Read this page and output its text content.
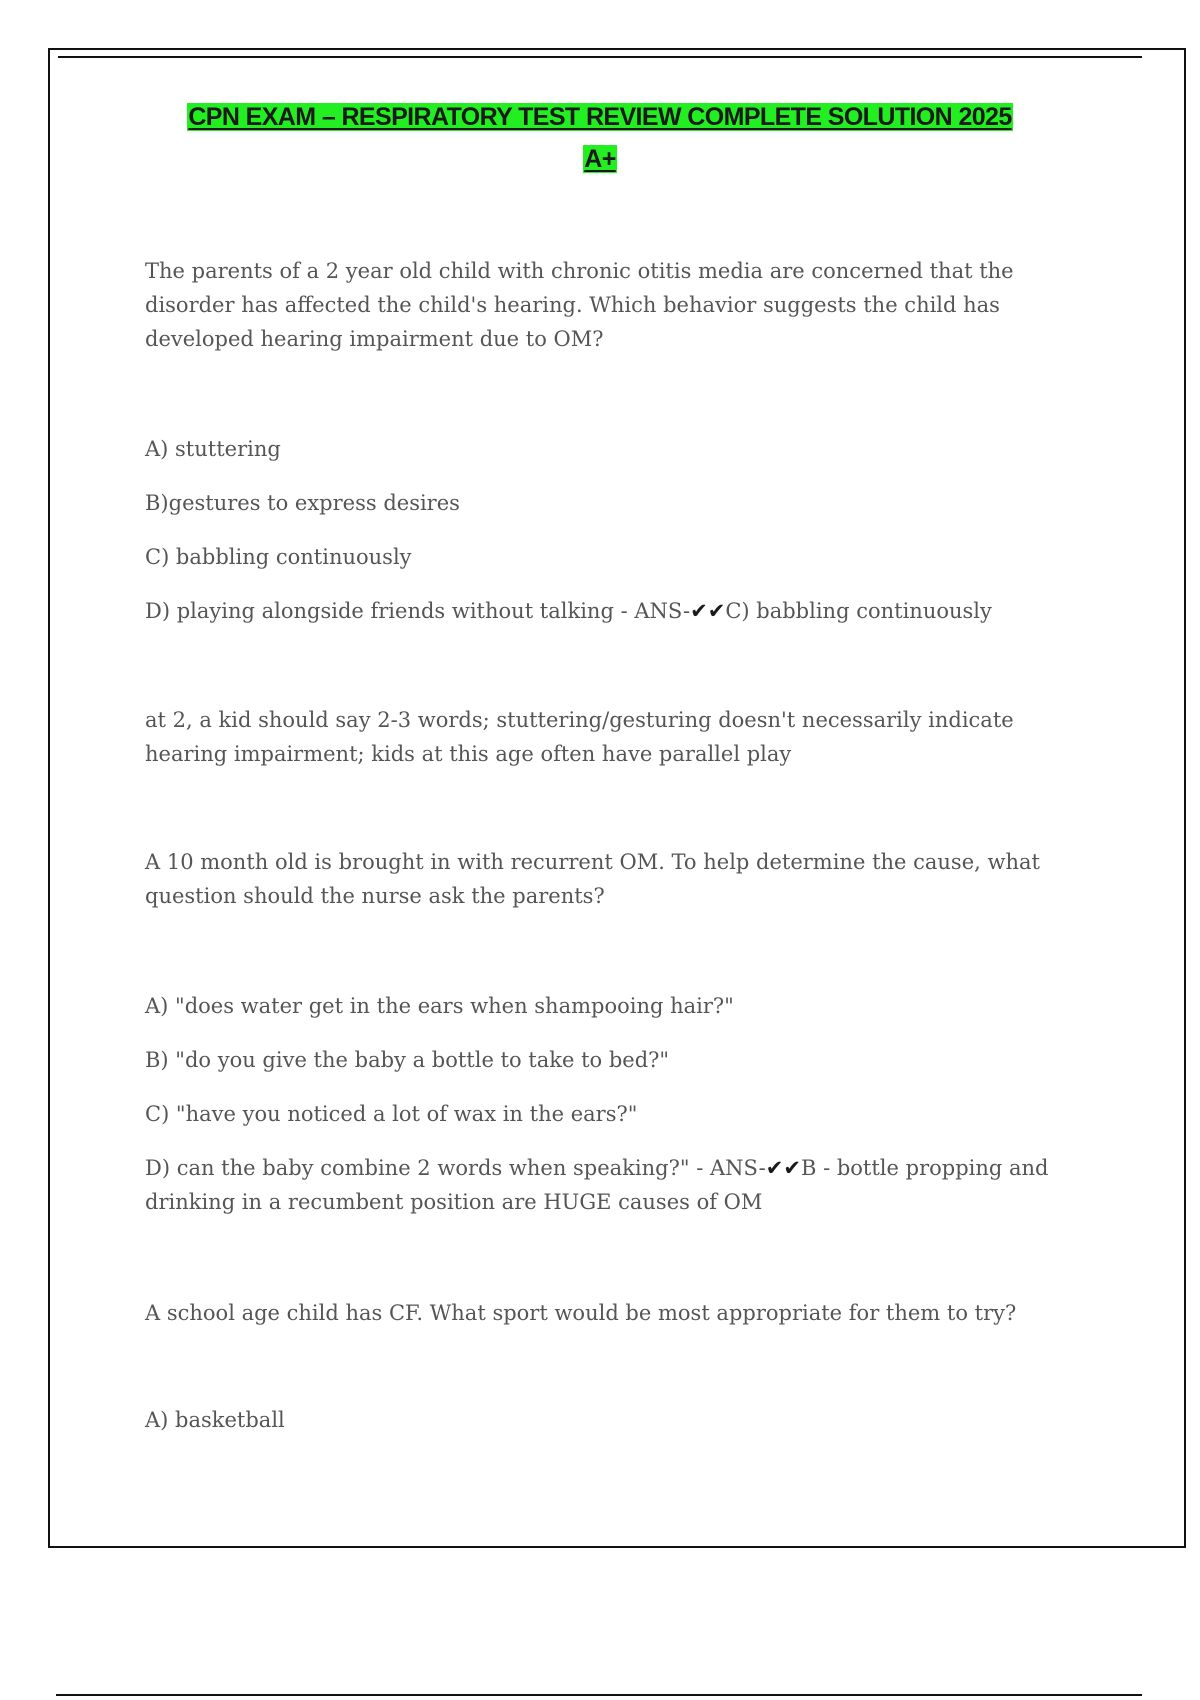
CPN EXAM – RESPIRATORY TEST REVIEW COMPLETE SOLUTION 2025
A+

The parents of a 2 year old child with chronic otitis media are concerned that the disorder has affected the child's hearing. Which behavior suggests the child has developed hearing impairment due to OM?

A) stuttering

B)gestures to express desires

C) babbling continuously

D) playing alongside friends without talking - ANS-✔✔C) babbling continuously

at 2, a kid should say 2-3 words; stuttering/gesturing doesn't necessarily indicate hearing impairment; kids at this age often have parallel play

A 10 month old is brought in with recurrent OM. To help determine the cause, what question should the nurse ask the parents?

A) "does water get in the ears when shampooing hair?"

B) "do you give the baby a bottle to take to bed?"

C) "have you noticed a lot of wax in the ears?"

D) can the baby combine 2 words when speaking?" - ANS-✔✔B - bottle propping and drinking in a recumbent position are HUGE causes of OM

A school age child has CF. What sport would be most appropriate for them to try?

A) basketball
